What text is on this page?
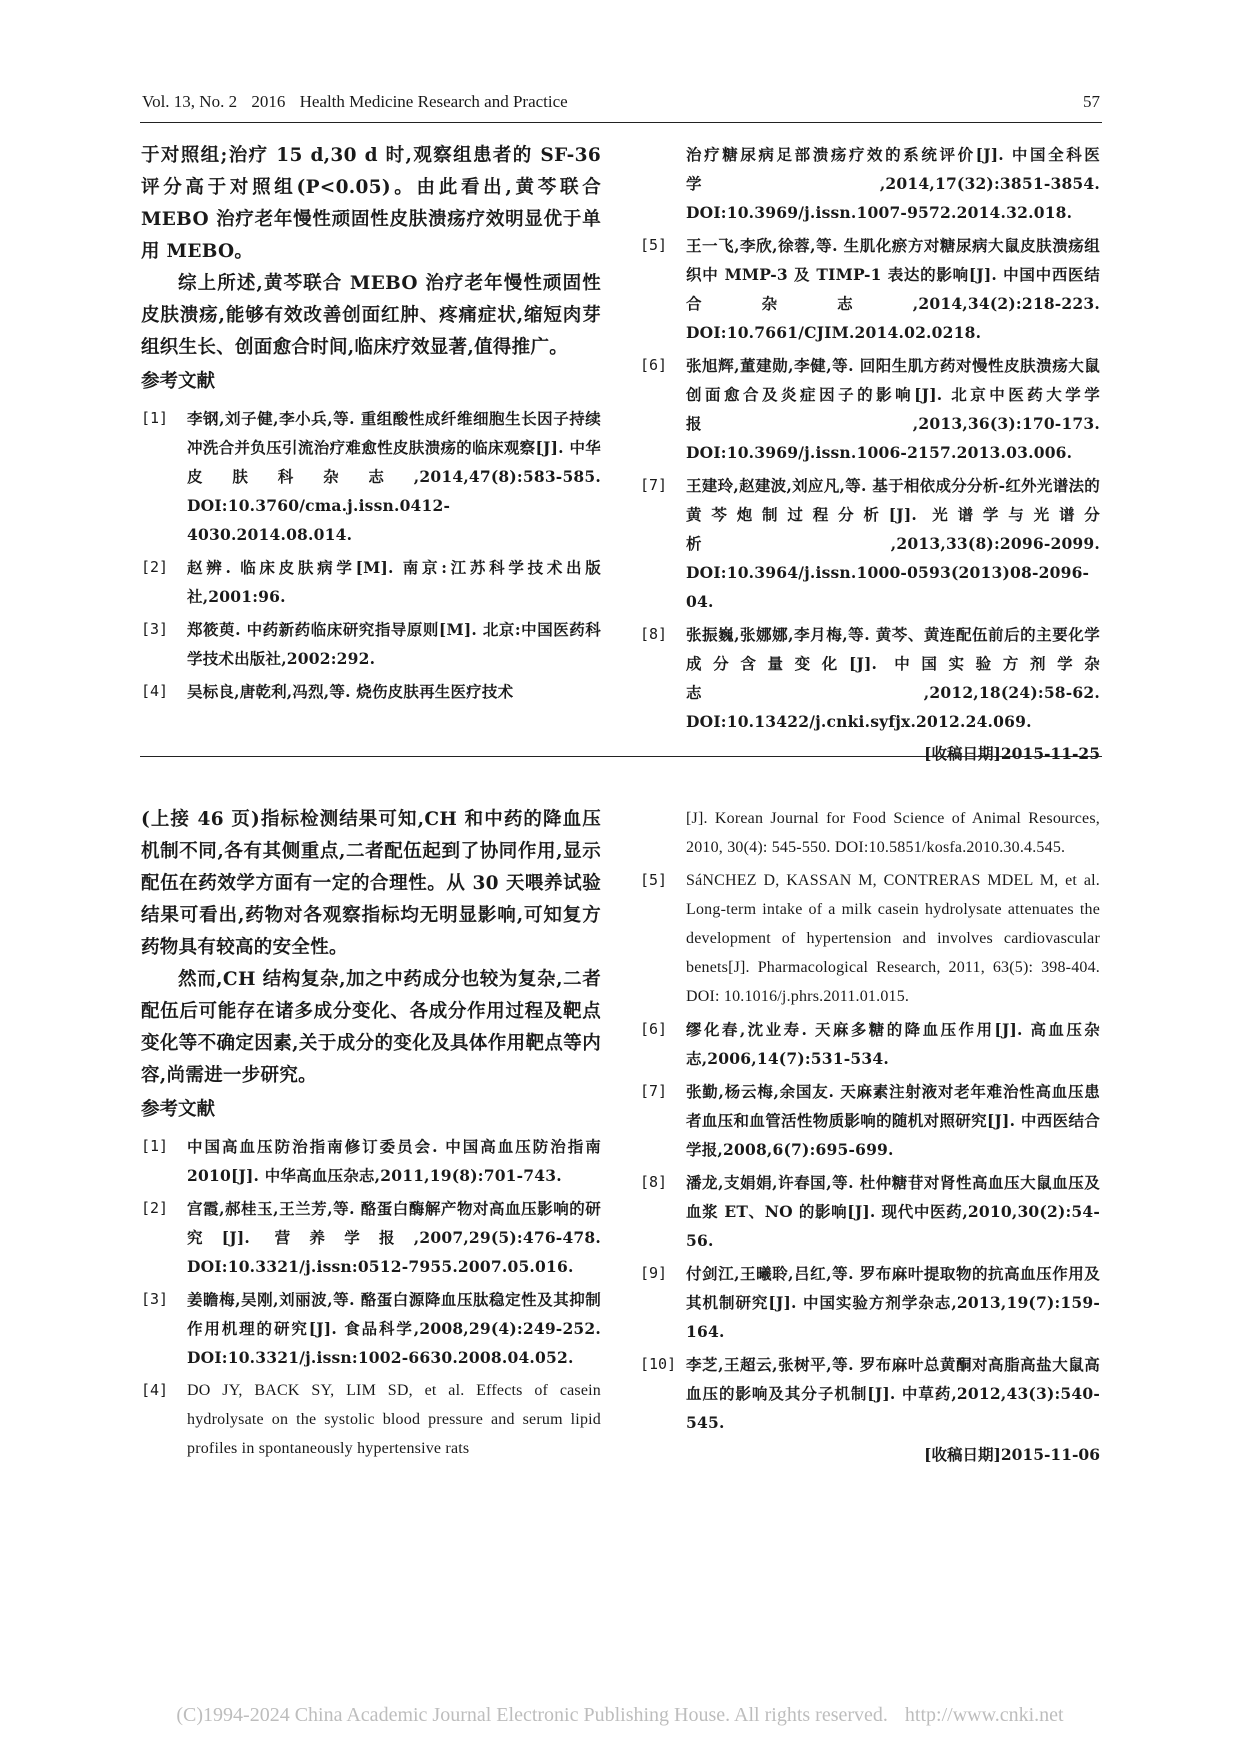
Vol. 13, No. 2 2016 Health Medicine Research and Practice	57

于对照组;治疗 15 d,30 d 时,观察组患者的 SF-36 评分高于对照组(P<0.05)。由此看出,黄芩联合 MEBO 治疗老年慢性顽固性皮肤溃疡疗效明显优于单用 MEBO。

综上所述,黄芩联合 MEBO 治疗老年慢性顽固性皮肤溃疡,能够有效改善创面红肿、疼痛症状,缩短肉芽组织生长、创面愈合时间,临床疗效显著,值得推广。

参考文献
[1]	李钢,刘子健,李小兵,等. 重组酸性成纤维细胞生长因子持续冲洗合并负压引流治疗难愈性皮肤溃疡的临床观察[J]. 中华皮肤科杂志,2014,47(8):583-585. DOI:10.3760/cma.j.issn.0412-4030.2014.08.014.
[2]	赵辨. 临床皮肤病学[M]. 南京:江苏科学技术出版社,2001:96.
[3]	郑筱萸. 中药新药临床研究指导原则[M]. 北京:中国医药科学技术出版社,2002:292.
[4]	吴标良,唐乾利,冯烈,等. 烧伤皮肤再生医疗技术
治疗糖尿病足部溃疡疗效的系统评价[J]. 中国全科医学,2014,17(32):3851-3854. DOI:10.3969/j.issn.1007-9572.2014.32.018.
[5]	王一飞,李欣,徐蓉,等. 生肌化瘀方对糖尿病大鼠皮肤溃疡组织中 MMP-3 及 TIMP-1 表达的影响[J]. 中国中西医结合杂志,2014,34(2):218-223. DOI:10.7661/CJIM.2014.02.0218.
[6]	张旭辉,董建勋,李健,等. 回阳生肌方药对慢性皮肤溃疡大鼠创面愈合及炎症因子的影响[J]. 北京中医药大学学报,2013,36(3):170-173. DOI:10.3969/j.issn.1006-2157.2013.03.006.
[7]	王建玲,赵建波,刘应凡,等. 基于相依成分分析-红外光谱法的黄芩炮制过程分析[J]. 光谱学与光谱分析,2013,33(8):2096-2099. DOI:10.3964/j.issn.1000-0593(2013)08-2096-04.
[8]	张振巍,张娜娜,李月梅,等. 黄芩、黄连配伍前后的主要化学成分含量变化[J]. 中国实验方剂学杂志,2012,18(24):58-62. DOI:10.13422/j.cnki.syfjx.2012.24.069.
[收稿日期]2015-11-25

(上接 46 页)指标检测结果可知,CH 和中药的降血压机制不同,各有其侧重点,二者配伍起到了协同作用,显示配伍在药效学方面有一定的合理性。从 30 天喂养试验结果可看出,药物对各观察指标均无明显影响,可知复方药物具有较高的安全性。

然而,CH 结构复杂,加之中药成分也较为复杂,二者配伍后可能存在诸多成分变化、各成分作用过程及靶点变化等不确定因素,关于成分的变化及具体作用靶点等内容,尚需进一步研究。

参考文献
[1]	中国高血压防治指南修订委员会. 中国高血压防治指南 2010[J]. 中华高血压杂志,2011,19(8):701-743.
[2]	宫霞,郝桂玉,王兰芳,等. 酪蛋白酶解产物对高血压影响的研究[J]. 营养学报,2007,29(5):476-478. DOI:10.3321/j.issn:0512-7955.2007.05.016.
[3]	姜瞻梅,吴刚,刘丽波,等. 酪蛋白源降血压肽稳定性及其抑制作用机理的研究[J]. 食品科学,2008,29(4):249-252. DOI:10.3321/j.issn:1002-6630.2008.04.052.
[4]	DO JY, BACK SY, LIM SD, et al. Effects of casein hydrolysate on the systolic blood pressure and serum lipid profiles in spontaneously hypertensive rats
[J]. Korean Journal for Food Science of Animal Resources, 2010, 30(4): 545-550. DOI:10.5851/kosfa.2010.30.4.545.
[5]	SáNCHEZ D, KASSAN M, CONTRERAS MDEL M, et al. Long-term intake of a milk casein hydrolysate attenuates the development of hypertension and involves cardiovascular benets[J]. Pharmacological Research, 2011, 63(5): 398-404. DOI: 10.1016/j.phrs.2011.01.015.
[6]	缪化春,沈业寿. 天麻多糖的降血压作用[J]. 高血压杂志,2006,14(7):531-534.
[7]	张勤,杨云梅,余国友. 天麻素注射液对老年难治性高血压患者血压和血管活性物质影响的随机对照研究[J]. 中西医结合学报,2008,6(7):695-699.
[8]	潘龙,支娟娟,许春国,等. 杜仲糖苷对肾性高血压大鼠血压及血浆 ET、NO 的影响[J]. 现代中医药,2010,30(2):54-56.
[9]	付剑江,王曦聆,吕红,等. 罗布麻叶提取物的抗高血压作用及其机制研究[J]. 中国实验方剂学杂志,2013,19(7):159-164.
[10] 李芝,王超云,张树平,等. 罗布麻叶总黄酮对高脂高盐大鼠高血压的影响及其分子机制[J]. 中草药,2012,43(3):540-545.
[收稿日期]2015-11-06
(C)1994-2024 China Academic Journal Electronic Publishing House. All rights reserved. http://www.cnki.net
